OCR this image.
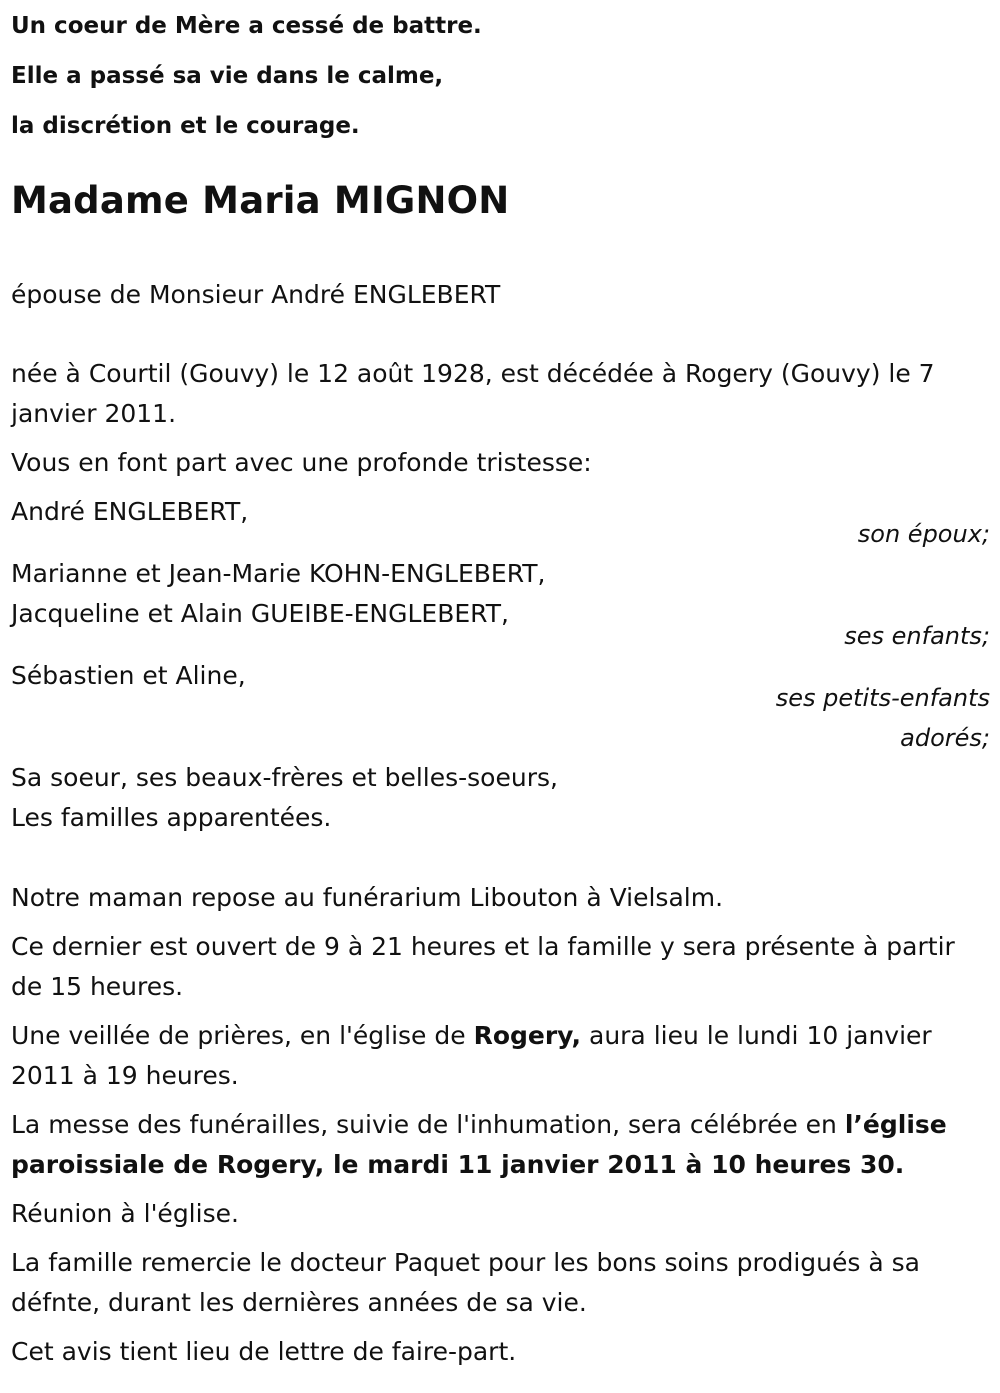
Un coeur de Mère a cessé de battre.
Elle a passé sa vie dans le calme,
la discrétion et le courage.
Madame Maria MIGNON

épouse de Monsieur André ENGLEBERT

née à Courtil (Gouvy) le 12 août 1928, est décédée à Rogery (Gouvy) le 7 janvier 2011.

Vous en font part avec une profonde tristesse:

André ENGLEBERT,

son époux;

Marianne et Jean-Marie KOHN-ENGLEBERT,

Jacqueline et Alain GUEIBE-ENGLEBERT,

ses enfants;

Sébastien et Aline,

ses petits-enfants
adorés;

Sa soeur, ses beaux-frères et belles-soeurs,

Les familles apparentées.

Notre maman repose au funérarium Libouton à Vielsalm.

Ce dernier est ouvert de 9 à 21 heures et la famille y sera présente à partir de 15 heures.

Une veillée de prières, en l'église de Rogery, aura lieu le lundi 10 janvier 2011 à 19 heures.

La messe des funérailles, suivie de l'inhumation, sera célébrée en l’église paroissiale de Rogery, le mardi 11 janvier 2011 à 10 heures 30.

Réunion à l'église.

La famille remercie le docteur Paquet pour les bons soins prodigués à sa défnte, durant les dernières années de sa vie.

Cet avis tient lieu de lettre de faire-part.
